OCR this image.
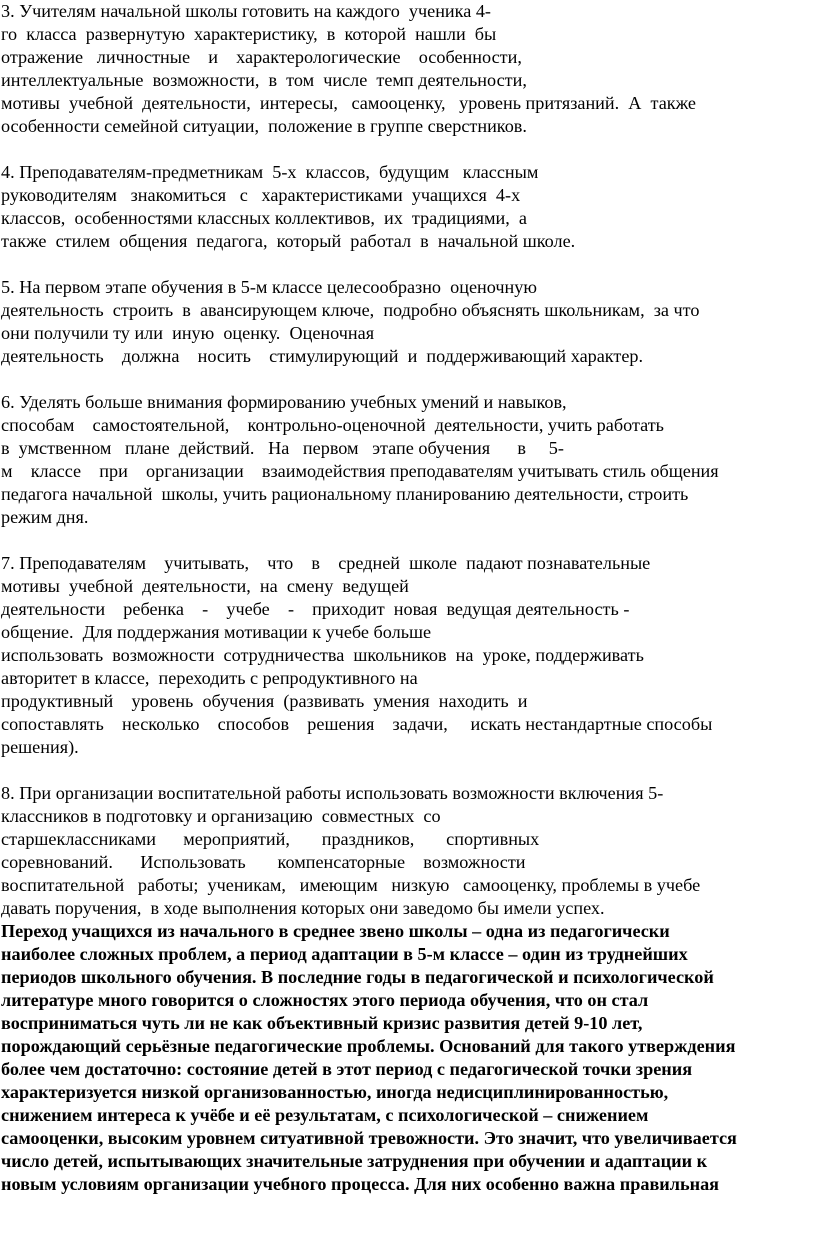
3. Учителям начальной школы готовить на каждого  ученика 4-
го  класса  развернутую  характеристику,  в  которой  нашли  бы
отражение   личностные    и    характерологические    особенности,
интеллектуальные  возможности,  в  том  числе  темп деятельности,
мотивы  учебной  деятельности,  интересы,   самооценку,   уровень притязаний.  А  также
особенности семейной ситуации,  положение в группе сверстников.
4. Преподавателям-предметникам  5-х  классов,  будущим   классным
руководителям   знакомиться   с   характеристиками  учащихся  4-х
классов,  особенностями классных коллективов,  их  традициями,  а
также  стилем  общения  педагога,  который  работал  в  начальной школе.
5. На первом этапе обучения в 5-м классе целесообразно  оценочную
деятельность  строить  в  авансирующем ключе,  подробно объяснять школьникам,  за что
они получили ту или  иную  оценку.  Оценочная
деятельность    должна    носить    стимулирующий  и  поддерживающий характер.
6. Уделять больше внимания формированию учебных умений и навыков,
способам    самостоятельной,    контрольно-оценочной  деятельности, учить работать
в  умственном   плане  действий.   На   первом   этапе обучения      в     5-
м    классе    при    организации    взаимодействия преподавателям учитывать стиль общения
педагога начальной  школы, учить рациональному планированию деятельности, строить
режим дня.
7. Преподавателям    учитывать,    что    в    средней  школе  падают познавательные
мотивы  учебной  деятельности,  на  смену  ведущей
деятельности    ребенка    -    учебе    -    приходит  новая  ведущая деятельность -
общение.  Для поддержания мотивации к учебе больше
использовать  возможности  сотрудничества  школьников  на  уроке, поддерживать
авторитет в классе,  переходить с репродуктивного на
продуктивный    уровень  обучения  (развивать  умения  находить  и
сопоставлять    несколько    способов    решения    задачи,     искать нестандартные способы
решения).
8. При организации воспитательной работы использовать возможности включения 5-
классников в подготовку и организацию  совместных  со
старшеклассниками      мероприятий,       праздников,       спортивных
соревнований.      Использовать       компенсаторные    возможности
воспитательной   работы;  ученикам,   имеющим   низкую   самооценку, проблемы в учебе
давать поручения,  в ходе выполнения которых они заведомо бы имели успех.
Переход учащихся из начального в среднее звено школы – одна из педагогически
наиболее сложных проблем, а период адаптации в 5-м классе – один из труднейших
периодов школьного обучения. В последние годы в педагогической и психологической
литературе много говорится о сложностях этого периода обучения, что он стал
восприниматься чуть ли не как объективный кризис развития детей 9-10 лет,
порождающий серьёзные педагогические проблемы. Оснований для такого утверждения
более чем достаточно: состояние детей в этот период с педагогической точки зрения
характеризуется низкой организованностью, иногда недисциплинированностью,
снижением интереса к учёбе и её результатам, с психологической – снижением
самооценки, высоким уровнем ситуативной тревожности. Это значит, что увеличивается
число детей, испытывающих значительные затруднения при обучении и адаптации к
новым условиям организации учебного процесса. Для них особенно важна правильная
